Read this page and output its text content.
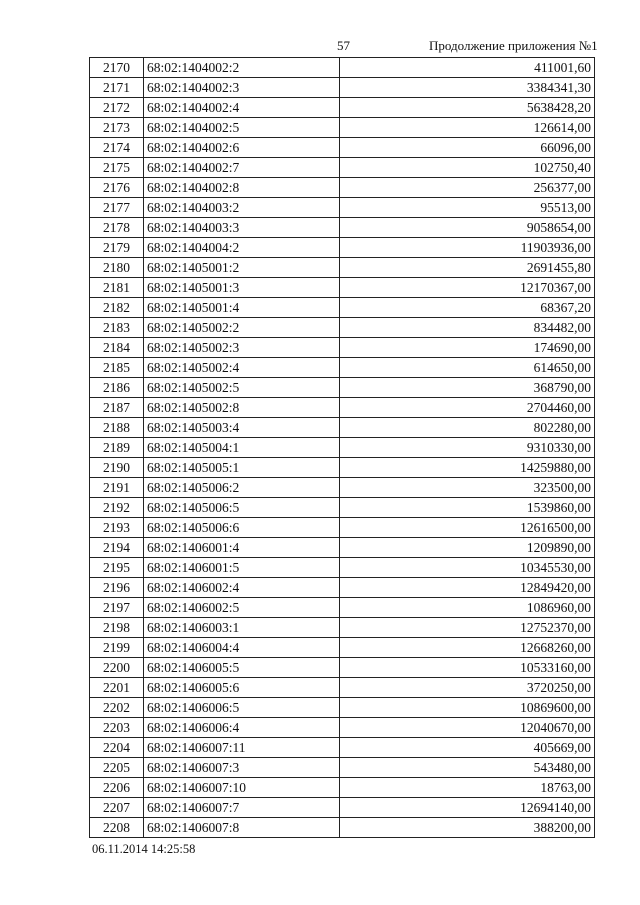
57	Продолжение приложения №1
2170	68:02:1404002:2	411001,60
2171	68:02:1404002:3	3384341,30
2172	68:02:1404002:4	5638428,20
2173	68:02:1404002:5	126614,00
2174	68:02:1404002:6	66096,00
2175	68:02:1404002:7	102750,40
2176	68:02:1404002:8	256377,00
2177	68:02:1404003:2	95513,00
2178	68:02:1404003:3	9058654,00
2179	68:02:1404004:2	11903936,00
2180	68:02:1405001:2	2691455,80
2181	68:02:1405001:3	12170367,00
2182	68:02:1405001:4	68367,20
2183	68:02:1405002:2	834482,00
2184	68:02:1405002:3	174690,00
2185	68:02:1405002:4	614650,00
2186	68:02:1405002:5	368790,00
2187	68:02:1405002:8	2704460,00
2188	68:02:1405003:4	802280,00
2189	68:02:1405004:1	9310330,00
2190	68:02:1405005:1	14259880,00
2191	68:02:1405006:2	323500,00
2192	68:02:1405006:5	1539860,00
2193	68:02:1405006:6	12616500,00
2194	68:02:1406001:4	1209890,00
2195	68:02:1406001:5	10345530,00
2196	68:02:1406002:4	12849420,00
2197	68:02:1406002:5	1086960,00
2198	68:02:1406003:1	12752370,00
2199	68:02:1406004:4	12668260,00
2200	68:02:1406005:5	10533160,00
2201	68:02:1406005:6	3720250,00
2202	68:02:1406006:5	10869600,00
2203	68:02:1406006:4	12040670,00
2204	68:02:1406007:11	405669,00
2205	68:02:1406007:3	543480,00
2206	68:02:1406007:10	18763,00
2207	68:02:1406007:7	12694140,00
2208	68:02:1406007:8	388200,00
06.11.2014 14:25:58
